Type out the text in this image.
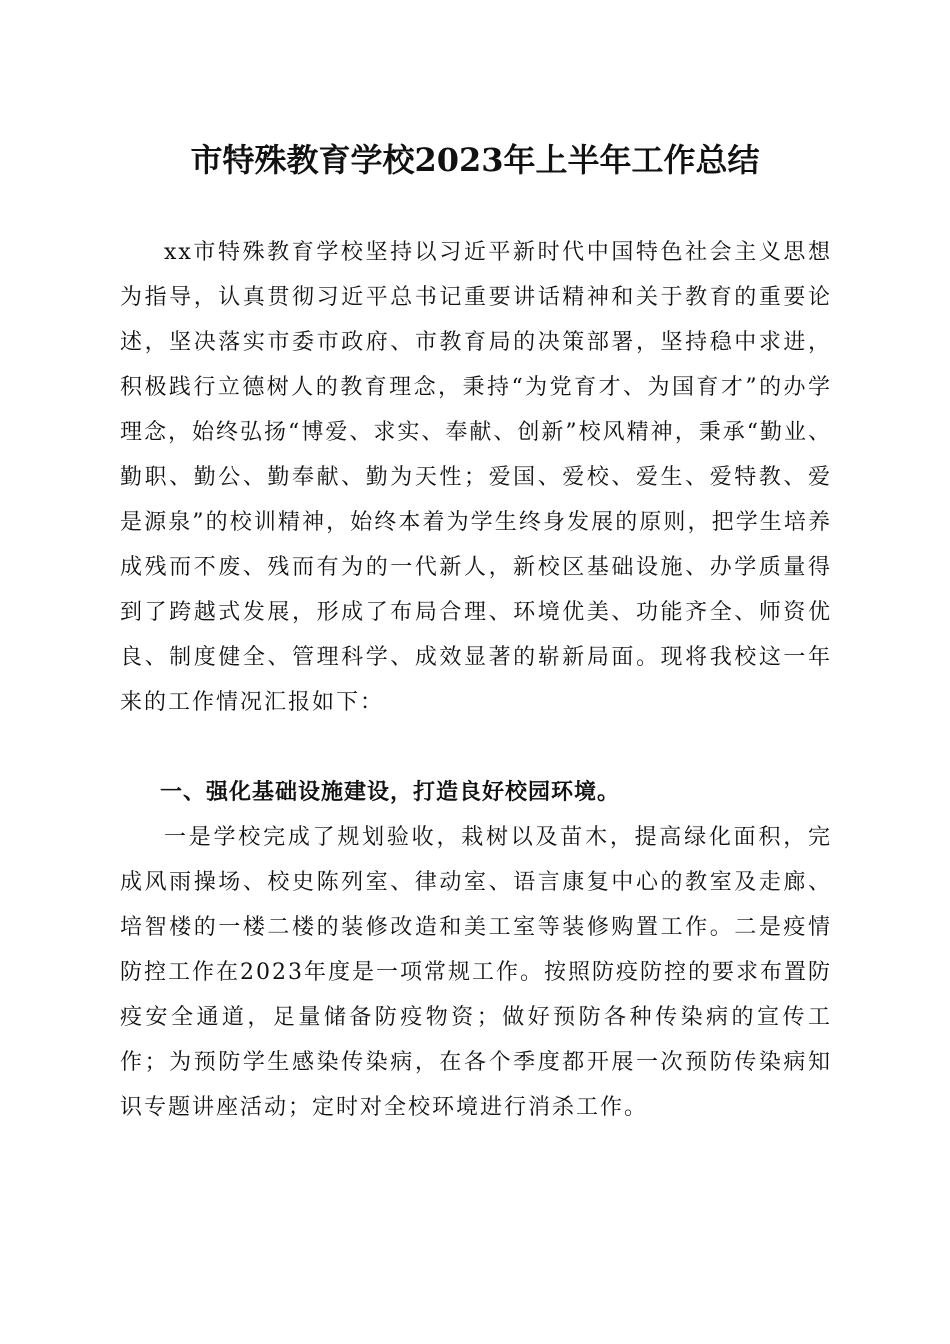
市特殊教育学校2023年上半年工作总结

xx市特殊教育学校坚持以习近平新时代中国特色社会主义思想为指导，认真贯彻习近平总书记重要讲话精神和关于教育的重要论述，坚决落实市委市政府、市教育局的决策部署，坚持稳中求进，积极践行立德树人的教育理念，秉持“为党育才、为国育才”的办学理念，始终弘扬“博爱、求实、奉献、创新”校风精神，秉承“勤业、勤职、勤公、勤奉献、勤为天性；爱国、爱校、爱生、爱特教、爱是源泉”的校训精神，始终本着为学生终身发展的原则，把学生培养成残而不废、残而有为的一代新人，新校区基础设施、办学质量得到了跨越式发展，形成了布局合理、环境优美、功能齐全、师资优良、制度健全、管理科学、成效显著的崭新局面。现将我校这一年来的工作情况汇报如下：

一、强化基础设施建设，打造良好校园环境。

一是学校完成了规划验收，栽树以及苗木，提高绿化面积，完成风雨操场、校史陈列室、律动室、语言康复中心的教室及走廊、培智楼的一楼二楼的装修改造和美工室等装修购置工作。二是疫情防控工作在2023年度是一项常规工作。按照防疫防控的要求布置防疫安全通道，足量储备防疫物资；做好预防各种传染病的宣传工作；为预防学生感染传染病，在各个季度都开展一次预防传染病知识专题讲座活动；定时对全校环境进行消杀工作。
